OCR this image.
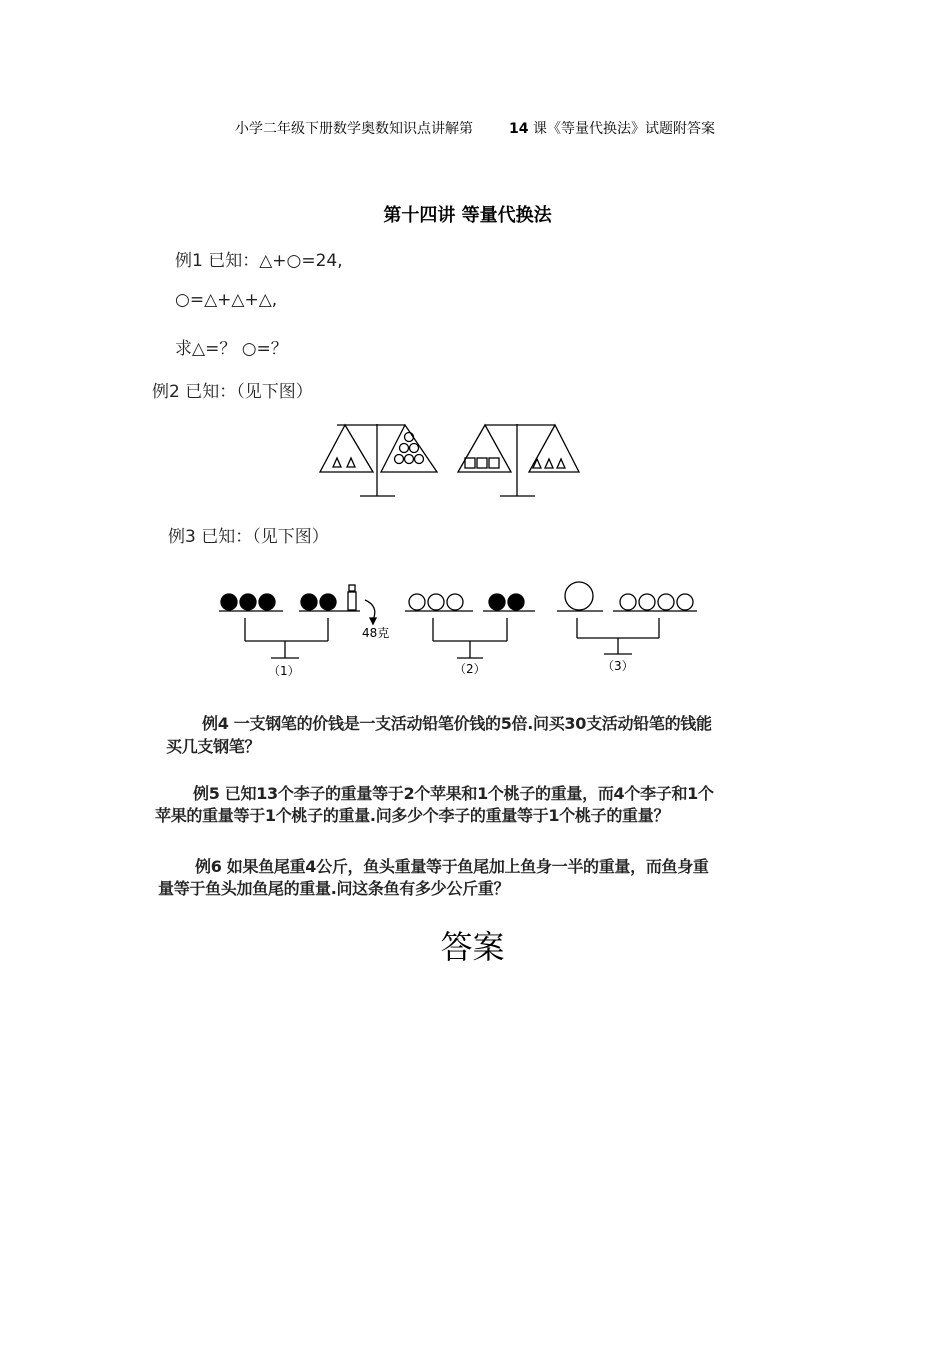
小学二年级下册数学奥数知识点讲解第	14 课《等量代换法》试题附答案
第十四讲 等量代换法
例1 已知：△+○=24,
○=△+△+△,
求△=？ ○=？
例2 已知：（见下图）
例3 已知：（见下图）
48克
（1）	（2）	（3）
例4 一支钢笔的价钱是一支活动铅笔价钱的5倍.问买30支活动铅笔的钱能
买几支钢笔？
例5 已知13个李子的重量等于2个苹果和1个桃子的重量，而4个李子和1个
苹果的重量等于1个桃子的重量.问多少个李子的重量等于1个桃子的重量？
例6 如果鱼尾重4公斤，鱼头重量等于鱼尾加上鱼身一半的重量，而鱼身重
量等于鱼头加鱼尾的重量.问这条鱼有多少公斤重？
答案
